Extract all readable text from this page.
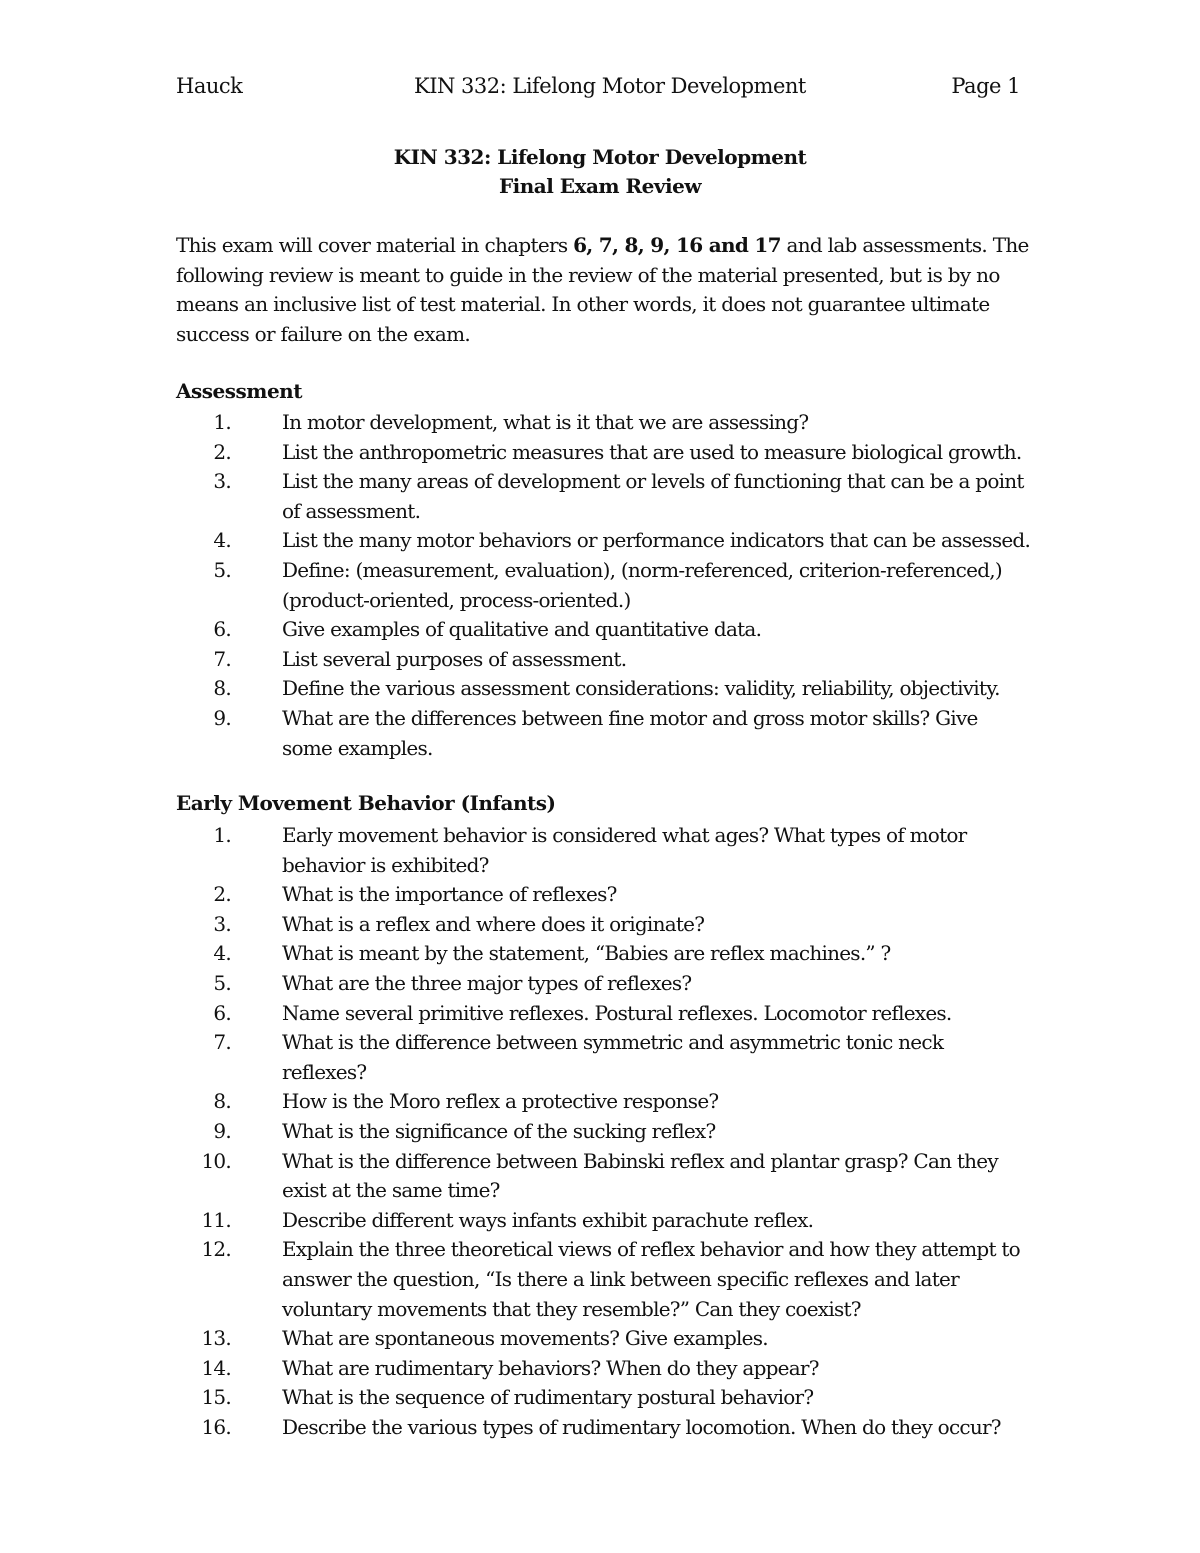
Hauck	KIN 332: Lifelong Motor Development	Page 1
KIN 332: Lifelong Motor Development
Final Exam Review

This exam will cover material in chapters 6, 7, 8, 9, 16 and 17 and lab assessments. The

following review is meant to guide in the review of the material presented, but is by no

means an inclusive list of test material. In other words, it does not guarantee ultimate

success or failure on the exam.

Assessment
1.	In motor development, what is it that we are assessing?
2.	List the anthropometric measures that are used to measure biological growth.
3.	List the many areas of development or levels of functioning that can be a point
of assessment.
4.	List the many motor behaviors or performance indicators that can be assessed.
5.	Define: (measurement, evaluation), (norm-referenced, criterion-referenced,)
(product-oriented, process-oriented.)
6.	Give examples of qualitative and quantitative data.
7.	List several purposes of assessment.
8.	Define the various assessment considerations: validity, reliability, objectivity.
9.	What are the differences between fine motor and gross motor skills? Give
some examples.
Early Movement Behavior (Infants)
1.	Early movement behavior is considered what ages? What types of motor
behavior is exhibited?
2.	What is the importance of reflexes?
3.	What is a reflex and where does it originate?
4.	What is meant by the statement, “Babies are reflex machines.” ?
5.	What are the three major types of reflexes?
6.	Name several primitive reflexes. Postural reflexes. Locomotor reflexes.
7.	What is the difference between symmetric and asymmetric tonic neck
reflexes?
8.	How is the Moro reflex a protective response?
9.	What is the significance of the sucking reflex?
10.	What is the difference between Babinski reflex and plantar grasp? Can they
exist at the same time?
11.	Describe different ways infants exhibit parachute reflex.
12.	Explain the three theoretical views of reflex behavior and how they attempt to
answer the question, “Is there a link between specific reflexes and later
voluntary movements that they resemble?” Can they coexist?
13.	What are spontaneous movements? Give examples.
14.	What are rudimentary behaviors? When do they appear?
15.	What is the sequence of rudimentary postural behavior?
16.	Describe the various types of rudimentary locomotion. When do they occur?
